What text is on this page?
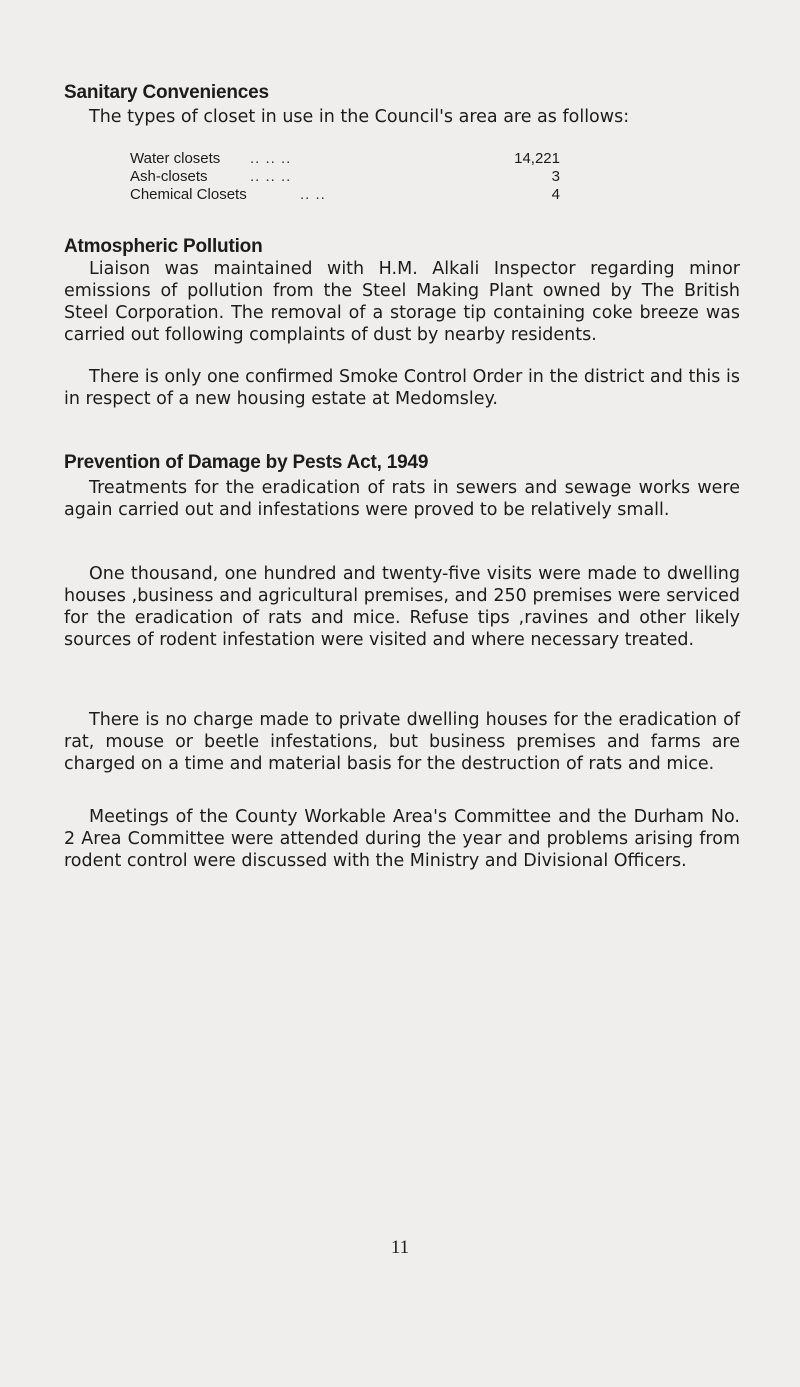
Sanitary Conveniences

The types of closet in use in the Council's area are as follows:

Water closets .. .. ..	14,221
Ash-closets	.. .. ..	3
Chemical Closets	.. ..	4
Atmospheric Pollution

Liaison was maintained with H.M. Alkali Inspector regarding minor emissions of pollution from the Steel Making Plant owned by The British Steel Corporation. The removal of a storage tip containing coke breeze was carried out following complaints of dust by nearby residents.

There is only one confirmed Smoke Control Order in the district and this is in respect of a new housing estate at Medomsley.

Prevention of Damage by Pests Act, 1949

Treatments for the eradication of rats in sewers and sewage works were again carried out and infestations were proved to be relatively small.

One thousand, one hundred and twenty-five visits were made to dwelling houses ,business and agricultural premises, and 250 premises were serviced for the eradication of rats and mice. Refuse tips ,ravines and other likely sources of rodent infestation were visited and where necessary treated.

There is no charge made to private dwelling houses for the eradication of rat, mouse or beetle infestations, but business premises and farms are charged on a time and material basis for the destruction of rats and mice.

Meetings of the County Workable Area's Committee and the Durham No. 2 Area Committee were attended during the year and problems arising from rodent control were discussed with the Ministry and Divisional Officers.

11
